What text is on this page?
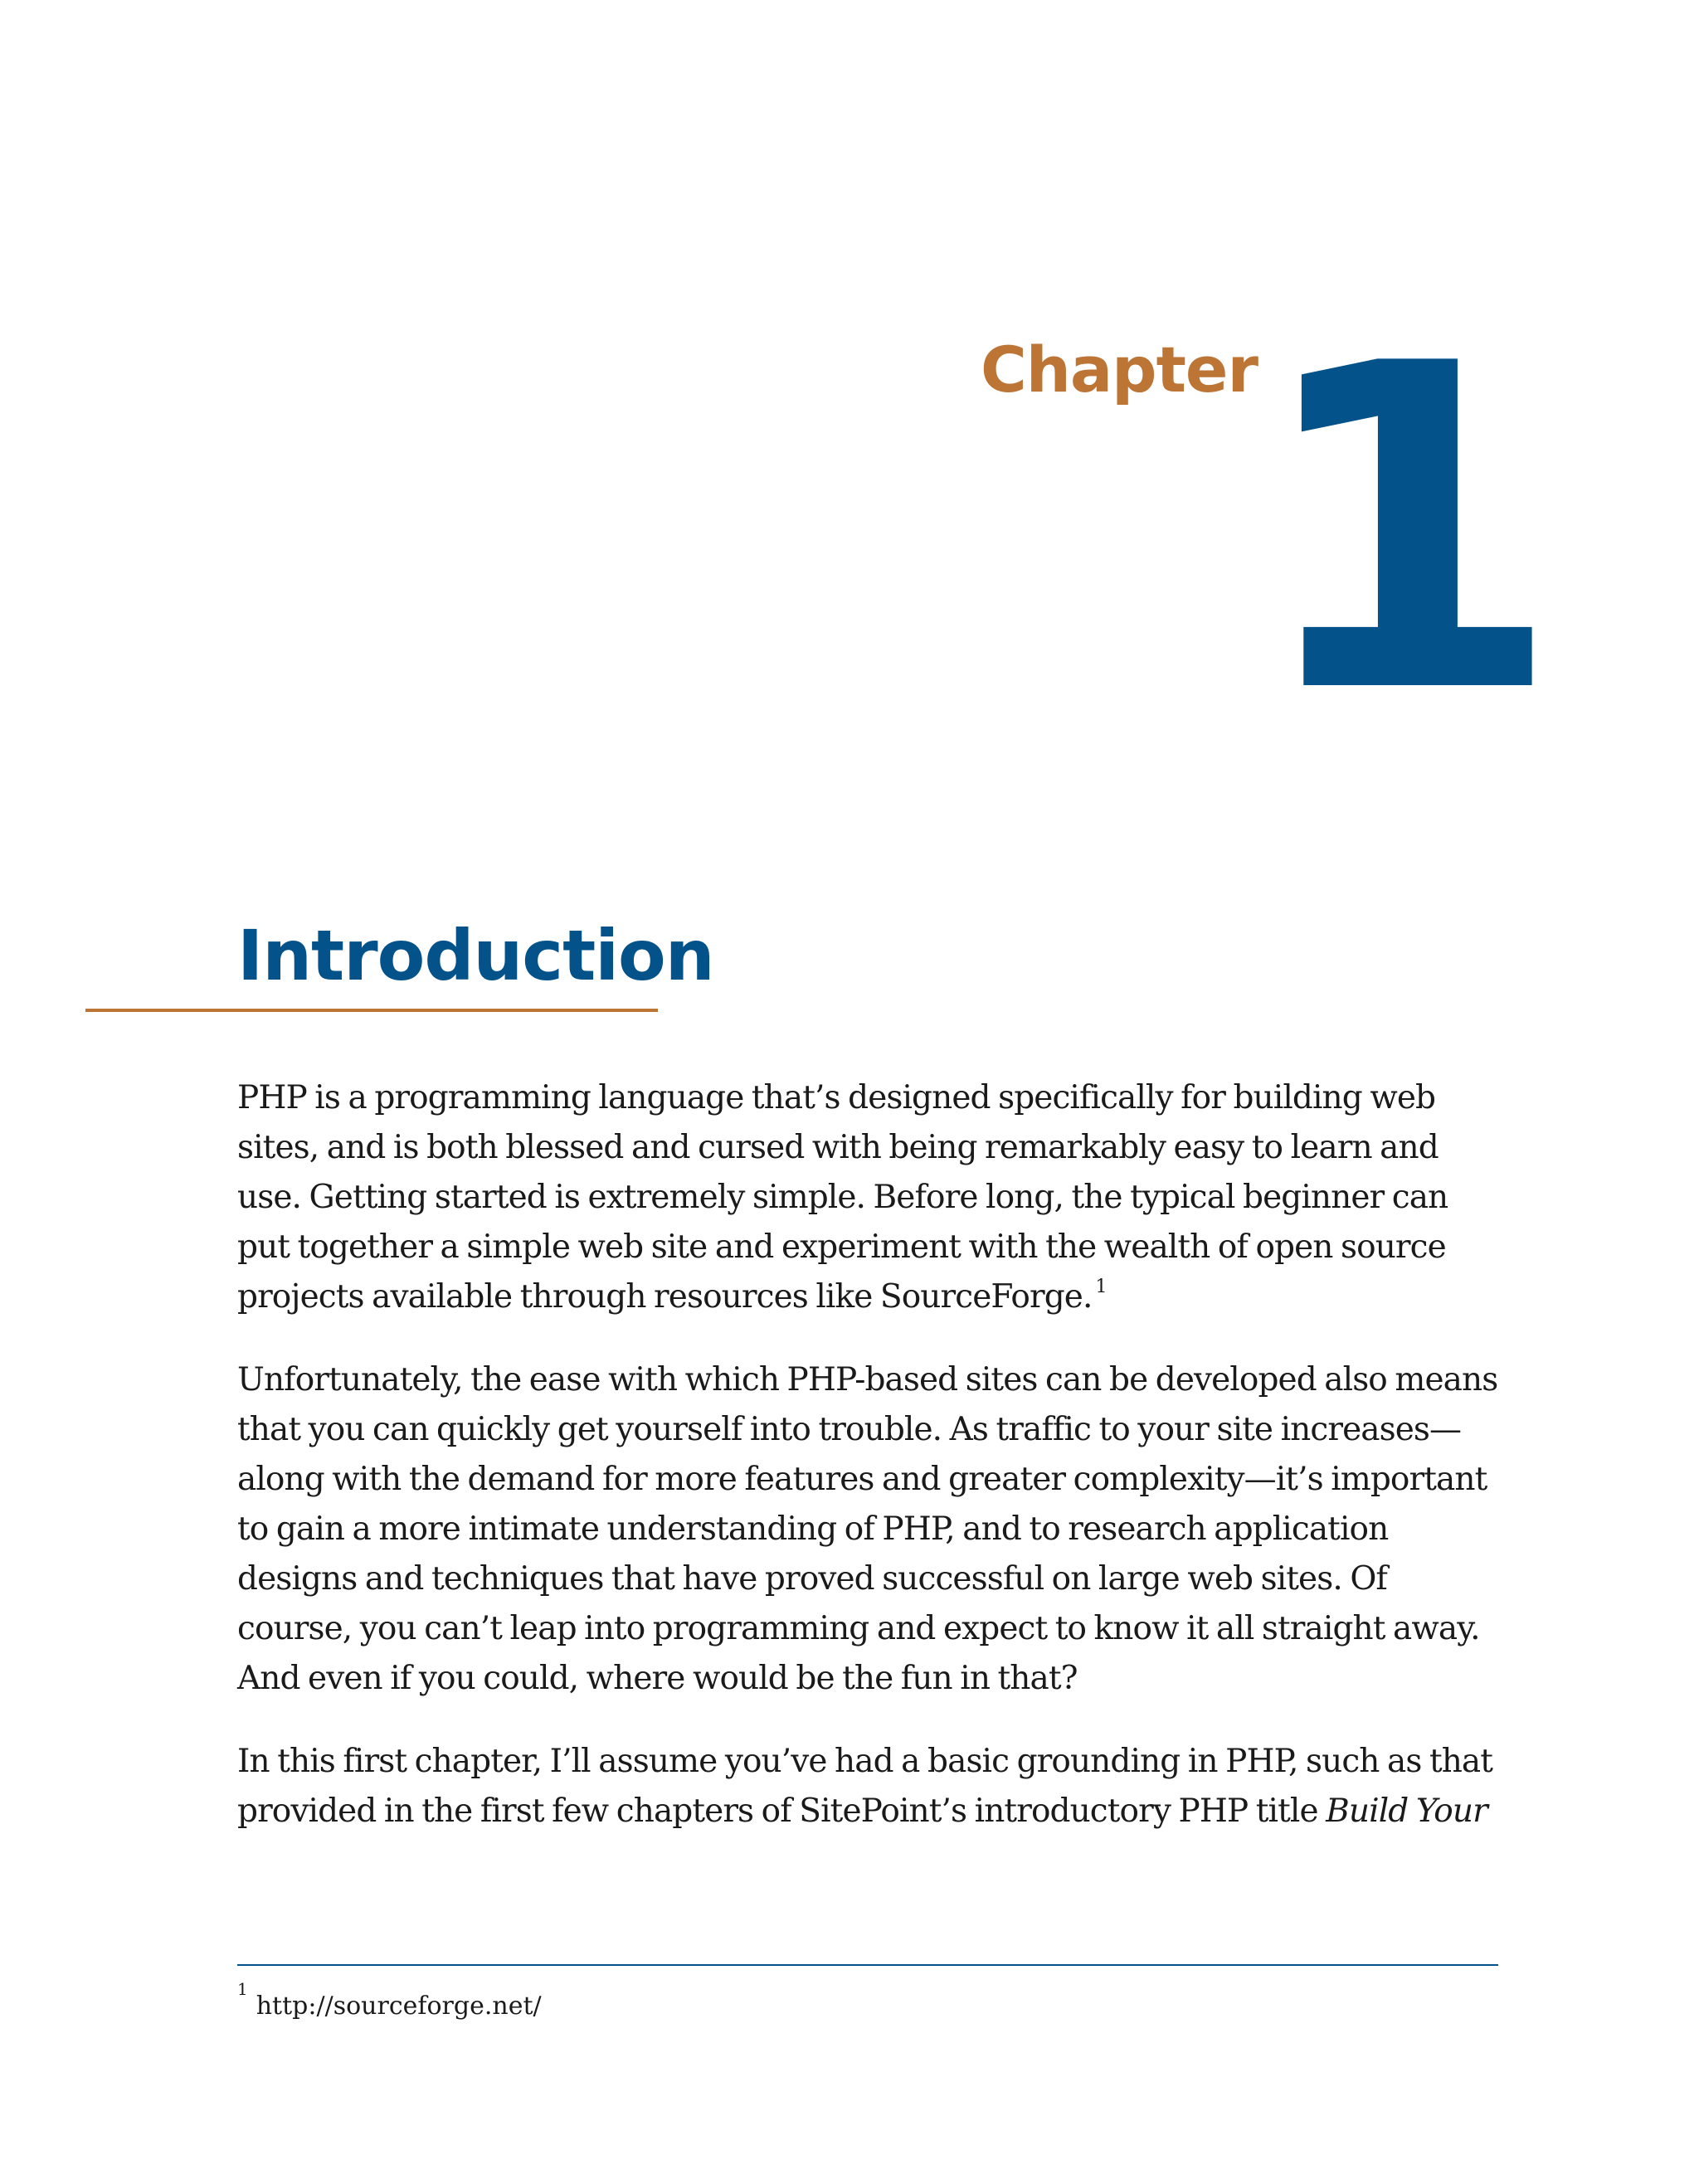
Chapter
1
Introduction

PHP is a programming language that’s designed specifically for building web sites, and is both blessed and cursed with being remarkably easy to learn and use. Getting started is extremely simple. Before long, the typical beginner can put together a simple web site and experiment with the wealth of open source projects available through resources like SourceForge. $^1$

Unfortunately, the ease with which PHP-based sites can be developed also means that you can quickly get yourself into trouble. As traffic to your site increases—along with the demand for more features and greater complexity—it’s important to gain a more intimate understanding of PHP, and to research application designs and techniques that have proved successful on large web sites. Of course, you can’t leap into programming and expect to know it all straight away. And even if you could, where would be the fun in that?

In this first chapter, I’ll assume you’ve had a basic grounding in PHP, such as that provided in the first few chapters of SitePoint’s introductory PHP title Build Your

$^1$http://sourceforge.net/
